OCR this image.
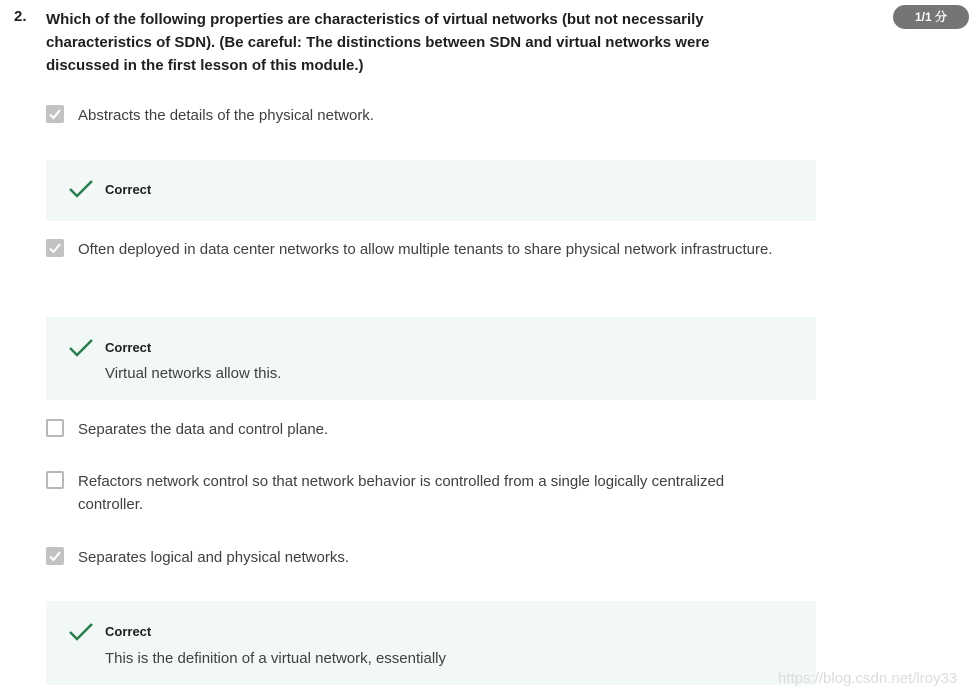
2. Which of the following properties are characteristics of virtual networks (but not necessarily characteristics of SDN). (Be careful: The distinctions between SDN and virtual networks were discussed in the first lesson of this module.)
1/1 分
Abstracts the details of the physical network.
Correct
Often deployed in data center networks to allow multiple tenants to share physical network infrastructure.
Correct
Virtual networks allow this.
Separates the data and control plane.
Refactors network control so that network behavior is controlled from a single logically centralized controller.
Separates logical and physical networks.
Correct
This is the definition of a virtual network, essentially
https://blog.csdn.net/lroy33
